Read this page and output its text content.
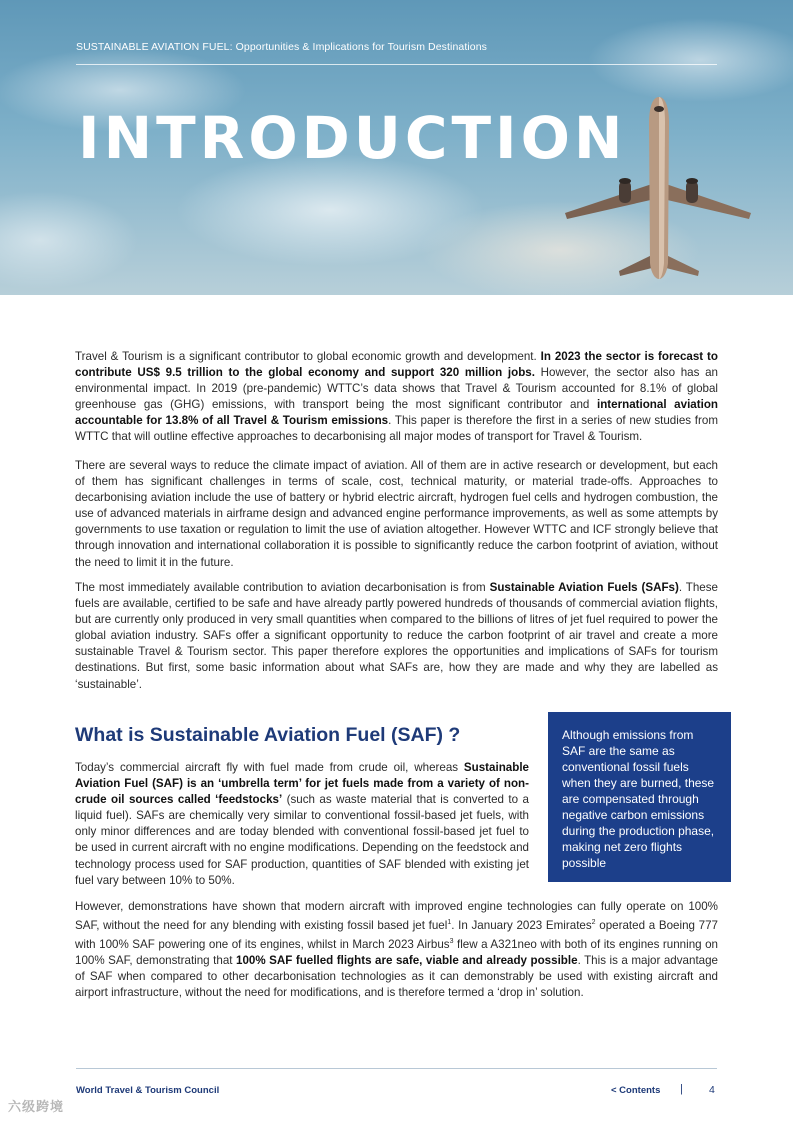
SUSTAINABLE AVIATION FUEL: Opportunities & Implications for Tourism Destinations
INTRODUCTION

Travel & Tourism is a significant contributor to global economic growth and development. In 2023 the sector is forecast to contribute US$ 9.5 trillion to the global economy and support 320 million jobs. However, the sector also has an environmental impact. In 2019 (pre-pandemic) WTTC’s data shows that Travel & Tourism accounted for 8.1% of global greenhouse gas (GHG) emissions, with transport being the most significant contributor and international aviation accountable for 13.8% of all Travel & Tourism emissions. This paper is therefore the first in a series of new studies from WTTC that will outline effective approaches to decarbonising all major modes of transport for Travel & Tourism.

There are several ways to reduce the climate impact of aviation. All of them are in active research or development, but each of them has significant challenges in terms of scale, cost, technical maturity, or material trade-offs. Approaches to decarbonising aviation include the use of battery or hybrid electric aircraft, hydrogen fuel cells and hydrogen combustion, the use of advanced materials in airframe design and advanced engine performance improvements, as well as some attempts by governments to use taxation or regulation to limit the use of aviation altogether. However WTTC and ICF strongly believe that through innovation and international collaboration it is possible to significantly reduce the carbon footprint of aviation, without the need to limit it in the future.

The most immediately available contribution to aviation decarbonisation is from Sustainable Aviation Fuels (SAFs). These fuels are available, certified to be safe and have already partly powered hundreds of thousands of commercial aviation flights, but are currently only produced in very small quantities when compared to the billions of litres of jet fuel required to power the global aviation industry. SAFs offer a significant opportunity to reduce the carbon footprint of air travel and create a more sustainable Travel & Tourism sector. This paper therefore explores the opportunities and implications of SAFs for tourism destinations. But first, some basic information about what SAFs are, how they are made and why they are labelled as ‘sustainable’.

What is Sustainable Aviation Fuel (SAF) ?

Today’s commercial aircraft fly with fuel made from crude oil, whereas Sustainable Aviation Fuel (SAF) is an ‘umbrella term’ for jet fuels made from a variety of non-crude oil sources called ‘feedstocks’ (such as waste material that is converted to a liquid fuel). SAFs are chemically very similar to conventional fossil-based jet fuels, with only minor differences and are today blended with conventional fossil-based jet fuel to be used in current aircraft with no engine modifications. Depending on the feedstock and technology process used for SAF production, quantities of SAF blended with existing jet fuel vary between 10% to 50%.

Although emissions from SAF are the same as conventional fossil fuels when they are burned, these are compensated through negative carbon emissions during the production phase, making net zero flights possible

However, demonstrations have shown that modern aircraft with improved engine technologies can fully operate on 100% SAF, without the need for any blending with existing fossil based jet fuel$^1$. In January 2023 Emirates$^2$ operated a Boeing 777 with 100% SAF powering one of its engines, whilst in March 2023 Airbus$^3$ flew a A321neo with both of its engines running on 100% SAF, demonstrating that 100% SAF fuelled flights are safe, viable and already possible. This is a major advantage of SAF when compared to other decarbonisation technologies as it can demonstrably be used with existing aircraft and airport infrastructure, without the need for modifications, and is therefore termed a ‘drop in’ solution.

World Travel & Tourism Council	< Contents | 4
六级跨境
